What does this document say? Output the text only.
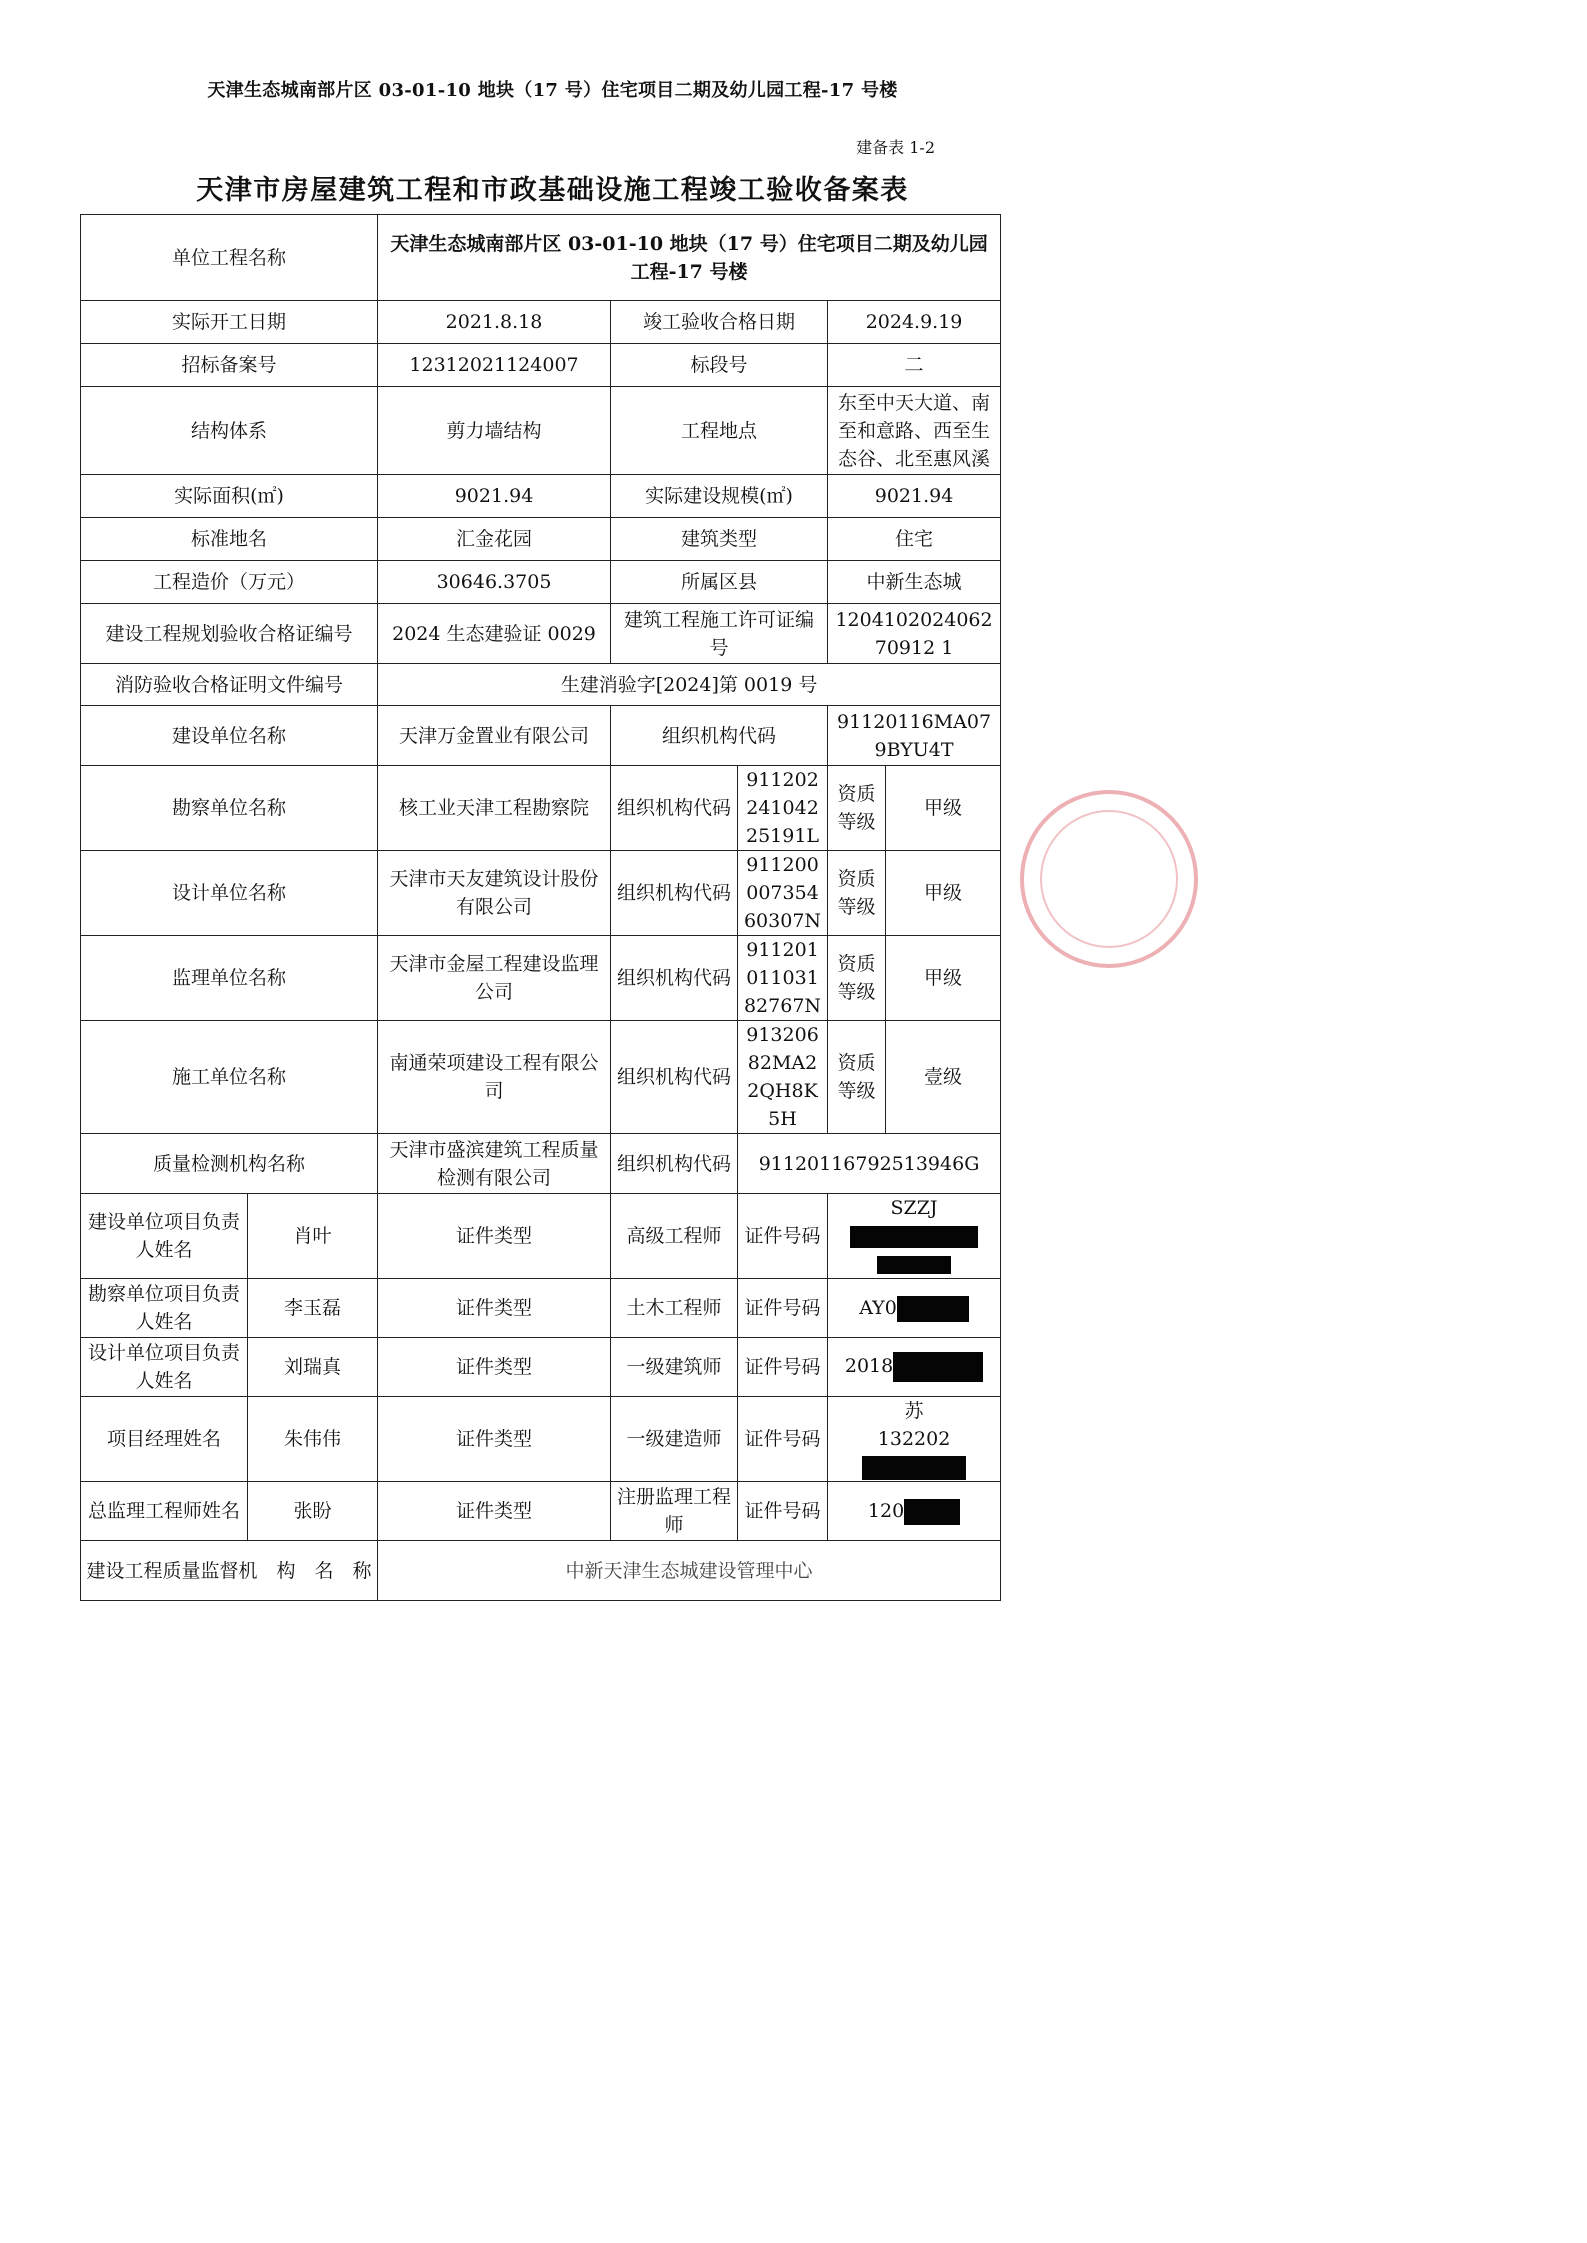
天津生态城南部片区 03-01-10 地块（17 号）住宅项目二期及幼儿园工程-17 号楼
建备表 1-2
天津市房屋建筑工程和市政基础设施工程竣工验收备案表
单位工程名称		天津生态城南部片区 03-01-10 地块（17 号）住宅项目二期及幼儿园工程-17 号楼				
实际开工日期		2021.8.18	竣工验收合格日期		2024.9.19	
招标备案号		12312021124007	标段号		二	
结构体系		剪力墙结构	工程地点		东至中天大道、南至和意路、西至生态谷、北至惠风溪	
实际面积(㎡)		9021.94	实际建设规模(㎡)		9021.94	
标准地名		汇金花园	建筑类型		住宅	
工程造价（万元）		30646.3705	所属区县		中新生态城	
建设工程规划验收合格证编号		2024 生态建验证 0029	建筑工程施工许可证编号		120410202406270912 1	
消防验收合格证明文件编号		生建消验字[2024]第 0019 号				
建设单位名称		天津万金置业有限公司	组织机构代码		91120116MA079BYU4T	
勘察单位名称		核工业天津工程勘察院	组织机构代码	91120224104225191L	资质等级	甲级
设计单位名称		天津市天友建筑设计股份有限公司	组织机构代码	91120000735460307N	资质等级	甲级
监理单位名称		天津市金屋工程建设监理公司	组织机构代码	91120101103182767N	资质等级	甲级
施工单位名称		南通荣项建设工程有限公司	组织机构代码	91320682MA22QH8K5H	资质等级	壹级
质量检测机构名称		天津市盛滨建筑工程质量检测有限公司	组织机构代码	91120116792513946G		
建设单位项目负责人姓名	肖叶	证件类型	高级工程师	证件号码	SZZJ	

勘察单位项目负责人姓名	李玉磊	证件类型	土木工程师	证件号码	AY0	
设计单位项目负责人姓名	刘瑞真	证件类型	一级建筑师	证件号码	2018	
项目经理姓名	朱伟伟	证件类型	一级建造师	证件号码	苏
132202	
总监理工程师姓名	张盼	证件类型	注册监理工程师	证件号码	120	
建设工程质量监督机　构　名　称		中新天津生态城建设管理中心				
